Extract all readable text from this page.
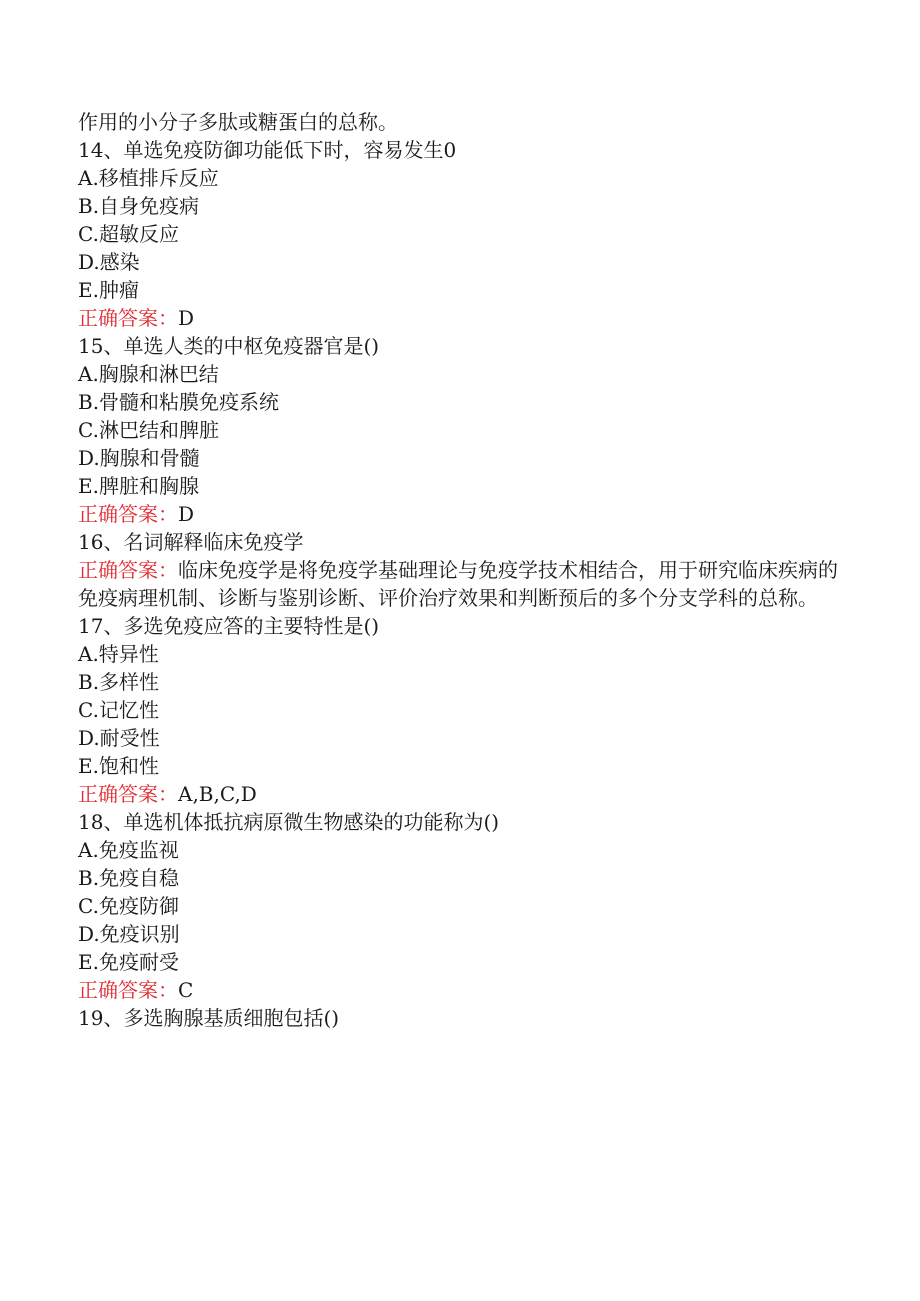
作用的小分子多肽或糖蛋白的总称。

14、单选免疫防御功能低下时，容易发生0

A.移植排斥反应

B.自身免疫病

C.超敏反应

D.感染

E.肿瘤

正确答案：D

15、单选人类的中枢免疫器官是()

A.胸腺和淋巴结

B.骨髓和粘膜免疫系统

C.淋巴结和脾脏

D.胸腺和骨髓

E.脾脏和胸腺

正确答案：D

16、名词解释临床免疫学

正确答案：临床免疫学是将免疫学基础理论与免疫学技术相结合，用于研究临床疾病的免疫病理机制、诊断与鉴别诊断、评价治疗效果和判断预后的多个分支学科的总称。

17、多选免疫应答的主要特性是()

A.特异性

B.多样性

C.记忆性

D.耐受性

E.饱和性

正确答案：A,B,C,D

18、单选机体抵抗病原微生物感染的功能称为()

A.免疫监视

B.免疫自稳

C.免疫防御

D.免疫识别

E.免疫耐受

正确答案：C

19、多选胸腺基质细胞包括()
